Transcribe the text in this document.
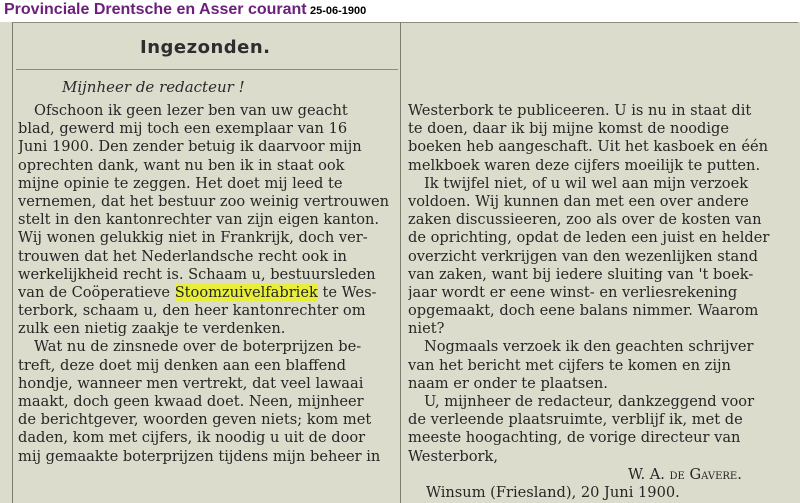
Provinciale Drentsche en Asser courant 25-06-1900
Ingezonden.
Mijnheer de redacteur !
Ofschoon ik geen lezer ben van uw geacht
blad, gewerd mij toch een exemplaar van 16
Juni 1900. Den zender betuig ik daarvoor mijn
oprechten dank, want nu ben ik in staat ook
mijne opinie te zeggen. Het doet mij leed te
vernemen, dat het bestuur zoo weinig vertrouwen
stelt in den kantonrechter van zijn eigen kanton.
Wij wonen gelukkig niet in Frankrijk, doch ver-
trouwen dat het Nederlandsche recht ook in
werkelijkheid recht is. Schaam u, bestuursleden
van de Coöperatieve Stoomzuivelfabriek te Wes-
terbork, schaam u, den heer kantonrechter om
zulk een nietig zaakje te verdenken.
Wat nu de zinsnede over de boterprijzen be-
treft, deze doet mij denken aan een blaffend
hondje, wanneer men vertrekt, dat veel lawaai
maakt, doch geen kwaad doet. Neen, mijnheer
de berichtgever, woorden geven niets; kom met
daden, kom met cijfers, ik noodig u uit de door
mij gemaakte boterprijzen tijdens mijn beheer in
Westerbork te publiceeren. U is nu in staat dit
te doen, daar ik bij mijne komst de noodige
boeken heb aangeschaft. Uit het kasboek en één
melkboek waren deze cijfers moeilijk te putten.
Ik twijfel niet, of u wil wel aan mijn verzoek
voldoen. Wij kunnen dan met een over andere
zaken discussieeren, zoo als over de kosten van
de oprichting, opdat de leden een juist en helder
overzicht verkrijgen van den wezenlijken stand
van zaken, want bij iedere sluiting van 't boek-
jaar wordt er eene winst- en verliesrekening
opgemaakt, doch eene balans nimmer. Waarom
niet?
Nogmaals verzoek ik den geachten schrijver
van het bericht met cijfers te komen en zijn
naam er onder te plaatsen.
U, mijnheer de redacteur, dankzeggend voor
de verleende plaatsruimte, verblijf ik, met de
meeste hoogachting, de vorige directeur van
Westerbork,
W. A. de Gavere.
Winsum (Friesland), 20 Juni 1900.
